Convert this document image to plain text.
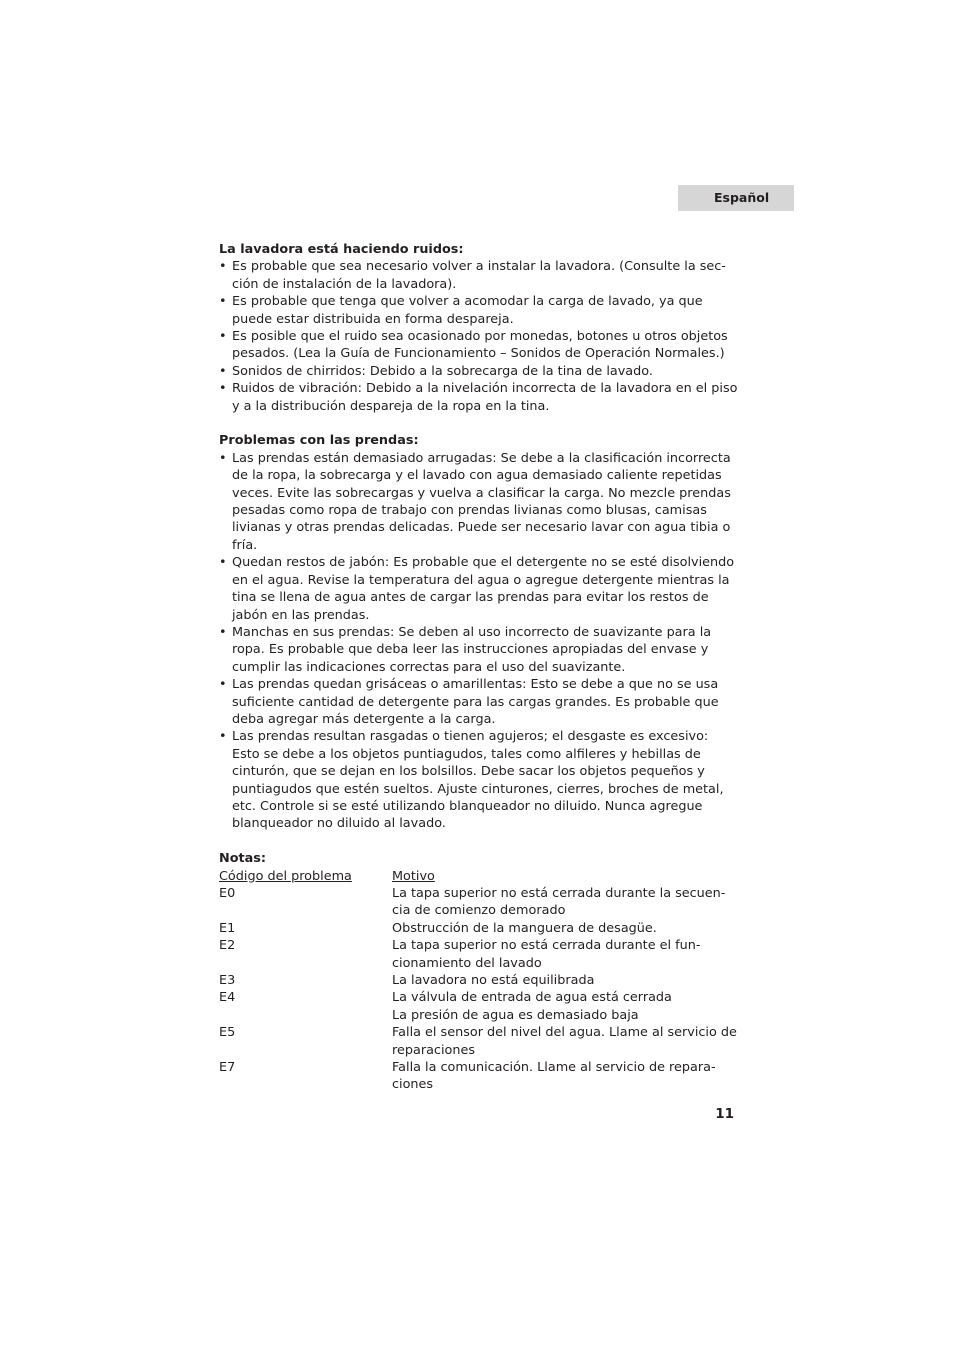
Español

La lavadora está haciendo ruidos:

• Es probable que sea necesario volver a instalar la lavadora. (Consulte la sec- ción de instalación de la lavadora).
• Es probable que tenga que volver a acomodar la carga de lavado, ya que puede estar distribuida en forma despareja.
• Es posible que el ruido sea ocasionado por monedas, botones u otros objetos pesados. (Lea la Guía de Funcionamiento – Sonidos de Operación Normales.)
• Sonidos de chirridos: Debido a la sobrecarga de la tina de lavado.
• Ruidos de vibración: Debido a la nivelación incorrecta de la lavadora en el piso y a la distribución despareja de la ropa en la tina.

Problemas con las prendas:

• Las prendas están demasiado arrugadas: Se debe a la clasificación incorrecta de la ropa, la sobrecarga y el lavado con agua demasiado caliente repetidas veces. Evite las sobrecargas y vuelva a clasificar la carga. No mezcle prendas pesadas como ropa de trabajo con prendas livianas como blusas, camisas livianas y otras prendas delicadas. Puede ser necesario lavar con agua tibia o fría.
• Quedan restos de jabón: Es probable que el detergente no se esté disolviendo en el agua. Revise la temperatura del agua o agregue detergente mientras la tina se llena de agua antes de cargar las prendas para evitar los restos de jabón en las prendas.
• Manchas en sus prendas: Se deben al uso incorrecto de suavizante para la ropa. Es probable que deba leer las instrucciones apropiadas del envase y cumplir las indicaciones correctas para el uso del suavizante.
• Las prendas quedan grisáceas o amarillentas: Esto se debe a que no se usa suficiente cantidad de detergente para las cargas grandes. Es probable que deba agregar más detergente a la carga.
• Las prendas resultan rasgadas o tienen agujeros; el desgaste es excesivo: Esto se debe a los objetos puntiagudos, tales como alfileres y hebillas de cinturón, que se dejan en los bolsillos. Debe sacar los objetos pequeños y puntiagudos que estén sueltos. Ajuste cinturones, cierres, broches de metal, etc. Controle si se esté utilizando blanqueador no diluido. Nunca agregue blanqueador no diluido al lavado.

Notas:

Código del problema	Motivo
E0	La tapa superior no está cerrada durante la secuen- cia de comienzo demorado
E1	Obstrucción de la manguera de desagüe.
E2	La tapa superior no está cerrada durante el fun- cionamiento del lavado
E3	La lavadora no está equilibrada
E4	La válvula de entrada de agua está cerrada
La presión de agua es demasiado baja
E5	Falla el sensor del nivel del agua. Llame al servicio de reparaciones
E7	Falla la comunicación. Llame al servicio de repara- ciones
11
